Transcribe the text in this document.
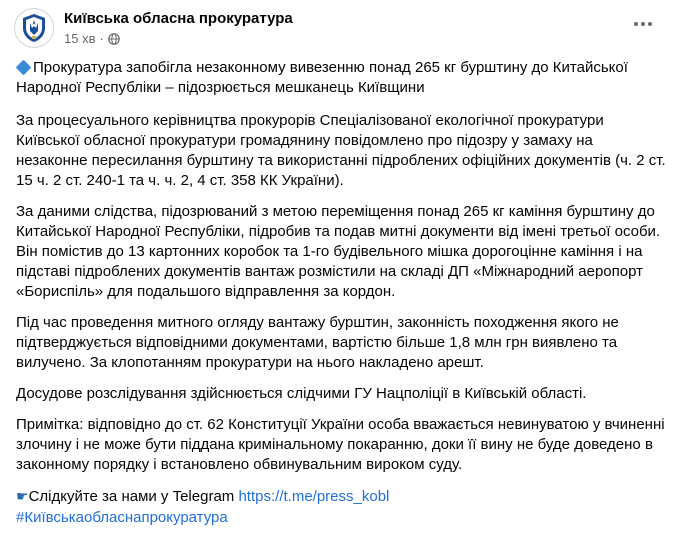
Київська обласна прокуратура
15 хв ·

Прокуратура запобігла незаконному вивезенню понад 265 кг бурштину до Китайської Народної Республіки – підозрюється мешканець Київщини

За процесуального керівництва прокурорів Спеціалізованої екологічної прокуратури Київської обласної прокуратури громадянину повідомлено про підозру у замаху на незаконне пересилання бурштину та використанні підроблених офіційних документів (ч. 2 ст. 15 ч. 2 ст. 240-1 та ч. ч. 2, 4 ст. 358 КК України).

За даними слідства, підозрюваний з метою переміщення понад 265 кг каміння бурштину до Китайської Народної Республіки, підробив та подав митні документи від імені третьої особи. Він помістив до 13 картонних коробок та 1-го будівельного мішка дорогоцінне каміння і на підставі підроблених документів вантаж розмістили на складі ДП «Міжнародний аеропорт «Бориспіль» для подальшого відправлення за кордон.

Під час проведення митного огляду вантажу бурштин, законність походження якого не підтверджується відповідними документами, вартістю більше 1,8 млн грн виявлено та вилучено. За клопотанням прокуратури на нього накладено арешт.

Досудове розслідування здійснюється слідчими ГУ Нацполіції в Київській області.

Примітка: відповідно до ст. 62 Конституції України особа вважається невинуватою у вчиненні злочину і не може бути піддана кримінальному покаранню, доки її вину не буде доведено в законному порядку і встановлено обвинувальним вироком суду.

☛Слідкуйте за нами у Telegram https://t.me/press_kobl

#Київськаобласнапрокуратура
